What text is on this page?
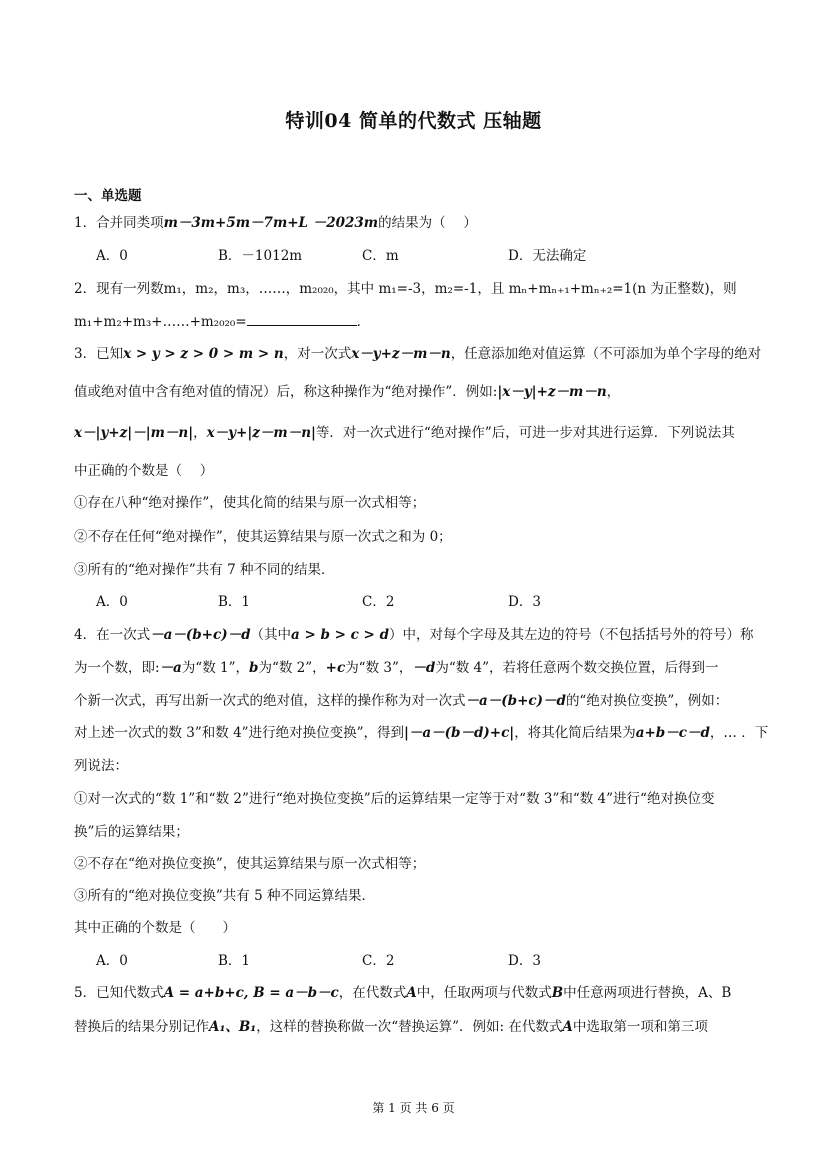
特训04 简单的代数式 压轴题
一、单选题
1．合并同类项m－3m+5m－7m+L －2023m的结果为（　 ）
A．0	B．－1012m	C．m	D．无法确定
2．现有一列数m₁，m₂，m₃，……，m₂₀₂₀，其中 m₁=-3，m₂=-1，且 mₙ+mₙ₊₁+mₙ₊₂=1(n 为正整数)，则
m₁+m₂+m₃+……+m₂₀₂₀=	．
3．已知x > y > z > 0 > m > n，对一次式x－y+z－m－n，任意添加绝对值运算（不可添加为单个字母的绝对
值或绝对值中含有绝对值的情况）后，称这种操作为“绝对操作”．例如:|x－y|+z－m－n，
x－|y+z|－|m－n|，x－y+|z－m－n|等．对一次式进行“绝对操作”后，可进一步对其进行运算．下列说法其
中正确的个数是（　 ）
①存在八种“绝对操作”，使其化简的结果与原一次式相等；
②不存在任何“绝对操作”，使其运算结果与原一次式之和为 0；
③所有的“绝对操作”共有 7 种不同的结果．
A．0	B．1	C．2	D．3
4．在一次式－a－(b+c)－d（其中a > b > c > d）中，对每个字母及其左边的符号（不包括括号外的符号）称
为一个数，即:－a为“数 1”，b为“数 2”，+c为“数 3”，－d为“数 4”，若将任意两个数交换位置，后得到一
个新一次式，再写出新一次式的绝对值，这样的操作称为对一次式－a－(b+c)－d的“绝对换位变换”，例如：
对上述一次式的数 3”和数 4”进行绝对换位变换”，得到|－a－(b－d)+c|，将其化简后结果为a+b－c－d，… ．下
列说法：
①对一次式的“数 1”和“数 2”进行“绝对换位变换”后的运算结果一定等于对“数 3”和“数 4”进行“绝对换位变
换”后的运算结果；
②不存在“绝对换位变换”，使其运算结果与原一次式相等；
③所有的“绝对换位变换”共有 5 种不同运算结果．
其中正确的个数是（　　）
A．0	B．1	C．2	D．3
5．已知代数式A = a+b+c, B = a－b－c，在代数式A中，任取两项与代数式B中任意两项进行替换，A、B
替换后的结果分别记作A₁、B₁，这样的替换称做一次“替换运算”．例如: 在代数式A中选取第一项和第三项
第 1 页 共 6 页
